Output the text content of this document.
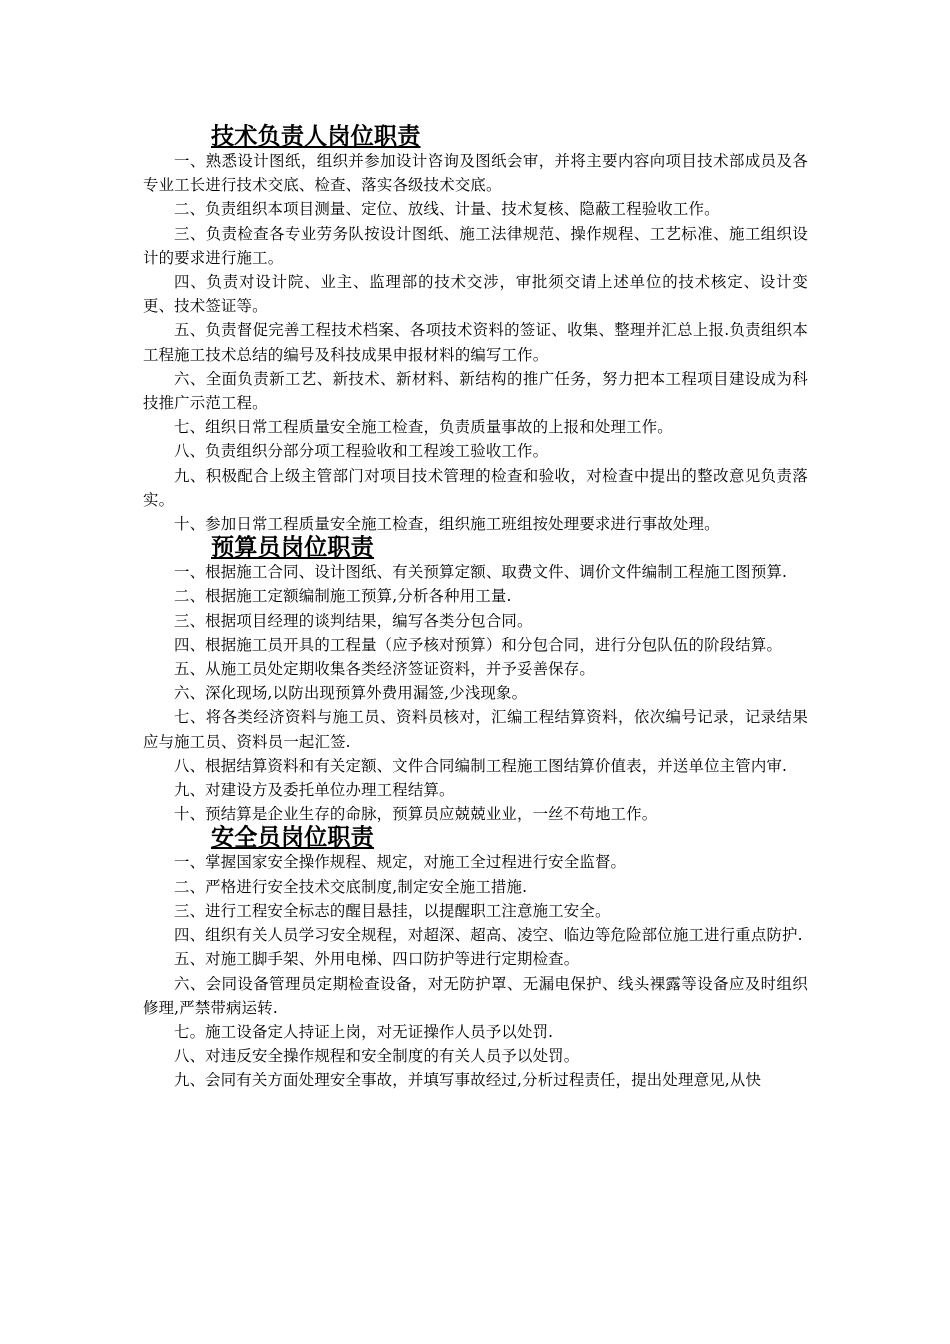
技术负责人岗位职责

一、熟悉设计图纸，组织并参加设计咨询及图纸会审，并将主要内容向项目技术部成员及各专业工长进行技术交底、检查、落实各级技术交底。

二、负责组织本项目测量、定位、放线、计量、技术复核、隐蔽工程验收工作。

三、负责检查各专业劳务队按设计图纸、施工法律规范、操作规程、工艺标准、施工组织设计的要求进行施工。

四、负责对设计院、业主、监理部的技术交涉，审批须交请上述单位的技术核定、设计变更、技术签证等。

五、负责督促完善工程技术档案、各项技术资料的签证、收集、整理并汇总上报.负责组织本工程施工技术总结的编号及科技成果申报材料的编写工作。

六、全面负责新工艺、新技术、新材料、新结构的推广任务，努力把本工程项目建设成为科技推广示范工程。

七、组织日常工程质量安全施工检查，负责质量事故的上报和处理工作。

八、负责组织分部分项工程验收和工程竣工验收工作。

九、积极配合上级主管部门对项目技术管理的检查和验收，对检查中提出的整改意见负责落实。

十、参加日常工程质量安全施工检查，组织施工班组按处理要求进行事故处理。

预算员岗位职责

一、根据施工合同、设计图纸、有关预算定额、取费文件、调价文件编制工程施工图预算.

二、根据施工定额编制施工预算,分析各种用工量.

三、根据项目经理的谈判结果，编写各类分包合同。

四、根据施工员开具的工程量（应予核对预算）和分包合同，进行分包队伍的阶段结算。

五、从施工员处定期收集各类经济签证资料，并予妥善保存。

六、深化现场,以防出现预算外费用漏签,少浅现象。

七、将各类经济资料与施工员、资料员核对，汇编工程结算资料，依次编号记录，记录结果应与施工员、资料员一起汇签.

八、根据结算资料和有关定额、文件合同编制工程施工图结算价值表，并送单位主管内审.

九、对建设方及委托单位办理工程结算。

十、预结算是企业生存的命脉，预算员应兢兢业业，一丝不苟地工作。

安全员岗位职责

一、掌握国家安全操作规程、规定，对施工全过程进行安全监督。

二、严格进行安全技术交底制度,制定安全施工措施.

三、进行工程安全标志的醒目悬挂，以提醒职工注意施工安全。

四、组织有关人员学习安全规程，对超深、超高、凌空、临边等危险部位施工进行重点防护.

五、对施工脚手架、外用电梯、四口防护等进行定期检查。

六、会同设备管理员定期检查设备，对无防护罩、无漏电保护、线头裸露等设备应及时组织修理,严禁带病运转.

七。施工设备定人持证上岗，对无证操作人员予以处罚.

八、对违反安全操作规程和安全制度的有关人员予以处罚。

九、会同有关方面处理安全事故，并填写事故经过,分析过程责任，提出处理意见,从快
